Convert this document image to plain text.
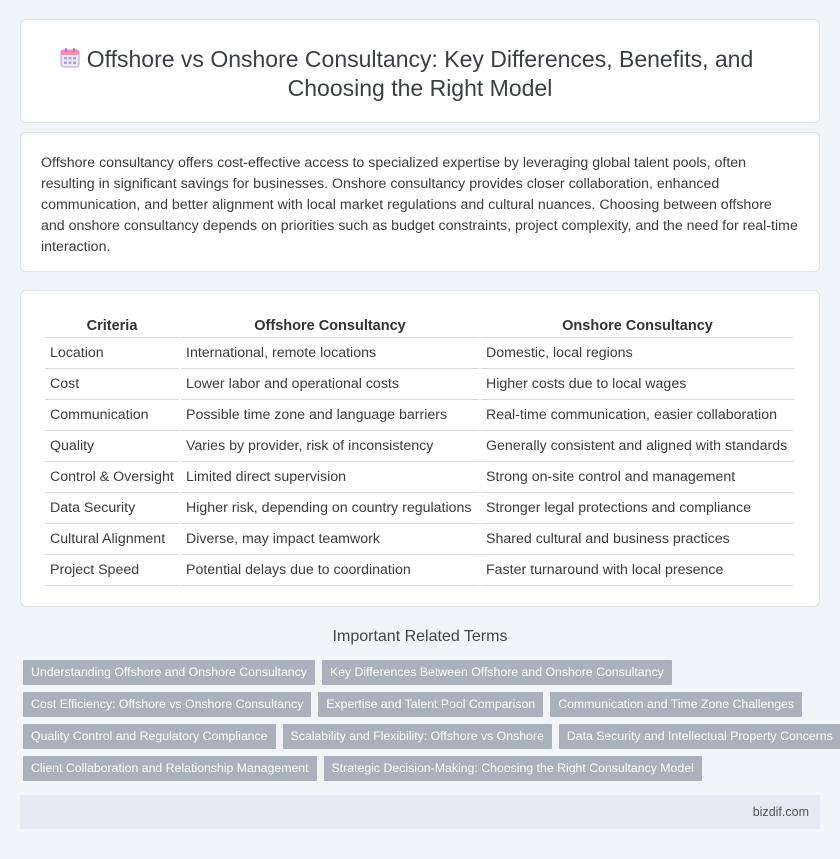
Offshore vs Onshore Consultancy: Key Differences, Benefits, and Choosing the Right Model

Offshore consultancy offers cost-effective access to specialized expertise by leveraging global talent pools, often resulting in significant savings for businesses. Onshore consultancy provides closer collaboration, enhanced communication, and better alignment with local market regulations and cultural nuances. Choosing between offshore and onshore consultancy depends on priorities such as budget constraints, project complexity, and the need for real-time interaction.

Criteria	Offshore Consultancy	Onshore Consultancy
Location	International, remote locations	Domestic, local regions
Cost	Lower labor and operational costs	Higher costs due to local wages
Communication	Possible time zone and language barriers	Real-time communication, easier collaboration
Quality	Varies by provider, risk of inconsistency	Generally consistent and aligned with standards
Control & Oversight	Limited direct supervision	Strong on-site control and management
Data Security	Higher risk, depending on country regulations	Stronger legal protections and compliance
Cultural Alignment	Diverse, may impact teamwork	Shared cultural and business practices
Project Speed	Potential delays due to coordination	Faster turnaround with local presence
Important Related Terms
Understanding Offshore and Onshore Consultancy	Key Differences Between Offshore and Onshore Consultancy
Cost Efficiency: Offshore vs Onshore Consultancy	Expertise and Talent Pool Comparison	Communication and Time Zone Challenges
Quality Control and Regulatory Compliance	Scalability and Flexibility: Offshore vs Onshore	Data Security and Intellectual Property Concerns
Client Collaboration and Relationship Management	Strategic Decision-Making: Choosing the Right Consultancy Model
bizdif.com
